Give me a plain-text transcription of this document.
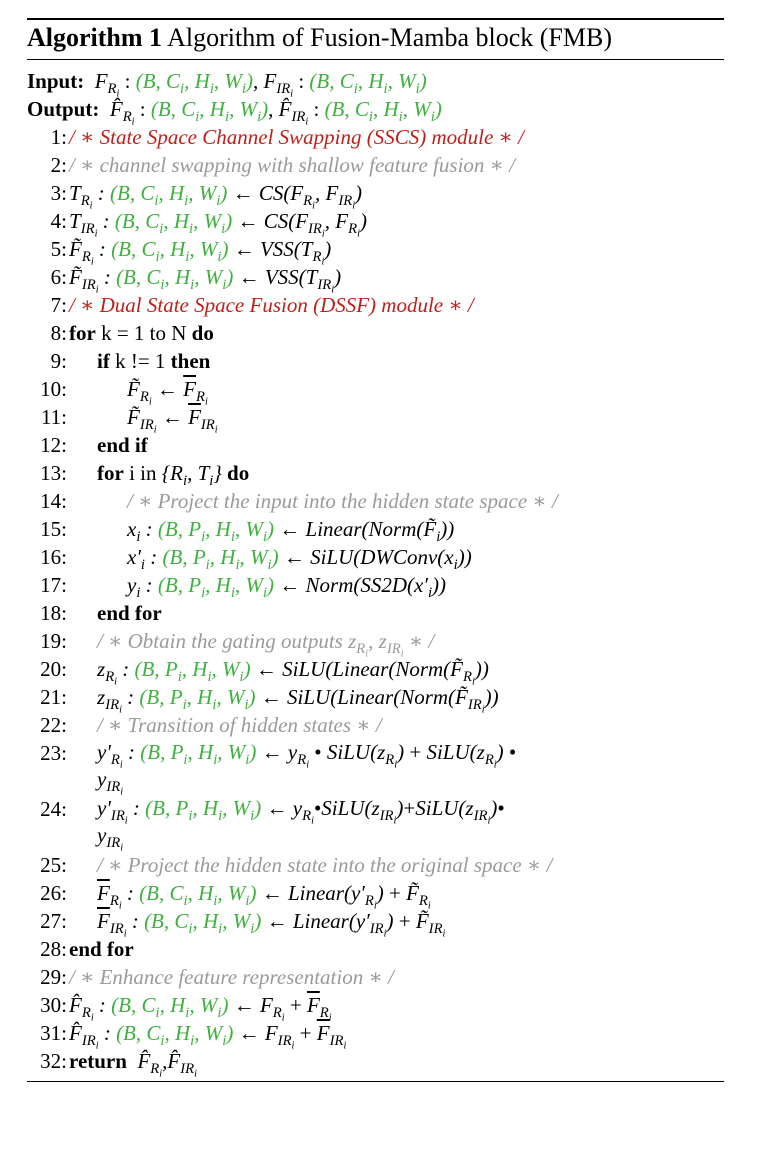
Algorithm 1 Algorithm of Fusion-Mamba block (FMB)
Input:  $F_{R_i}$ : (B, $C_i$, $H_i$, $W_i$), $F_{IR_i}$ : (B, $C_i$, $H_i$, $W_i$)
Output:  $F̂_{R_i}$ : (B, $C_i$, $H_i$, $W_i$), $F̂_{IR_i}$ : (B, $C_i$, $H_i$, $W_i$)
1: / ∗ State Space Channel Swapping (SSCS) module ∗ /
2: / ∗ channel swapping with shallow feature fusion ∗ /
3: $T_{R_i}$ : (B, $C_i$, $H_i$, $W_i$) ← $CS(F_{R_i}$, $F_{IR_i}$)
4: $T_{IR_i}$ : (B, $C_i$, $H_i$, $W_i$) ← $CS(F_{IR_i}$, $F_{R_i}$)
5: $F̃_{R_i}$ : (B, $C_i$, $H_i$, $W_i$) ← $VSS(T_{R_i})$
6: $F̃_{IR_i}$ : (B, $C_i$, $H_i$, $W_i$) ← $VSS(T_{IR_i})$
7: / ∗ Dual State Space Fusion (DSSF) module ∗ /
8: for k = 1 to N do
9: if k != 1 then
10:	$F̃_{R_i}$ ← $\overline{F}_{R_i}$
11:	$F̃_{IR_i}$ ← $\overline{F}_{IR_i}$
12: end if
13: for i in {$R_i$, $T_i$} do
14:	/ ∗ Project the input into the hidden state space ∗ /
15:	$x_i$ : (B, $P_i$, $H_i$, $W_i$) ← $Linear(Norm(F̃_i))$
16:	$x'_i$ : (B, $P_i$, $H_i$, $W_i$) ← $SiLU(DWConv(x_i))$
17:	$y_i$ : (B, $P_i$, $H_i$, $W_i$) ← $Norm(SS2D(x'_i))$
18: end for
19: / ∗ Obtain the gating outputs $z_{R_i}$, $z_{IR_i}$ ∗ /
20: $z_{R_i}$ : (B, $P_i$, $H_i$, $W_i$) ← $SiLU(Linear(Norm(F̃_{R_i}))$
21: $z_{IR_i}$ : (B, $P_i$, $H_i$, $W_i$) ← $SiLU(Linear(Norm(F̃_{IR_i}))$
22: / ∗ Transition of hidden states ∗ /
23: $y'_{R_i}$ : (B, $P_i$, $H_i$, $W_i$) ← $y_{R_i}$ • $SiLU(z_{R_i})$ + $SiLU(z_{R_i})$ •
$y_{IR_i}$
24: $y'_{IR_i}$ : (B, $P_i$, $H_i$, $W_i$) ← $y_{R_i}•SiLU(z_{IR_i})+SiLU(z_{IR_i})•$
$y_{IR_i}$
25: / ∗ Project the hidden state into the original space ∗ /
26: $\overline{F}_{R_i}$ : (B, $C_i$, $H_i$, $W_i$) ← $Linear(y'_{R_i})$ + $F̃_{R_i}$
27: $\overline{F}_{IR_i}$ : (B, $C_i$, $H_i$, $W_i$) ← $Linear(y'_{IR_i})$ + $F̃_{IR_i}$
28: end for
29: / ∗ Enhance feature representation ∗ /
30: $F̂_{R_i}$ : (B, $C_i$, $H_i$, $W_i$) ← $F_{R_i} + \overline{F}_{R_i}$
31: $F̂_{IR_i}$ : (B, $C_i$, $H_i$, $W_i$) ← $F_{IR_i} + \overline{F}_{IR_i}$
32: return $F̂_{R_i},F̂_{IR_i}$
